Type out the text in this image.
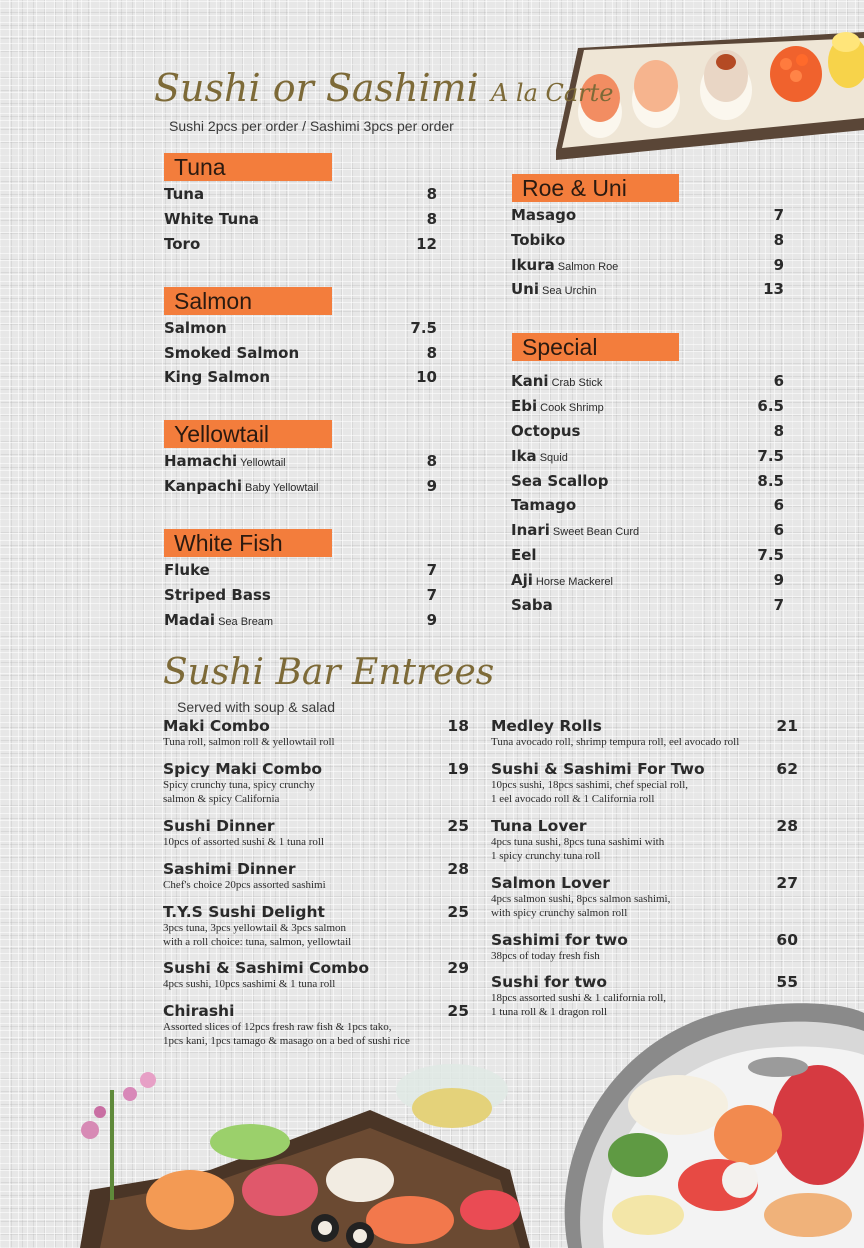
Sushi or Sashimi A la Carte
Sushi 2pcs per order / Sashimi 3pcs per order
Tuna
Tuna	8
White Tuna	8
Toro	12
Salmon
Salmon	7.5
Smoked Salmon	8
King Salmon	10
Yellowtail
Hamachi Yellowtail	8
Kanpachi Baby Yellowtail	9
White Fish
Fluke	7
Striped Bass	7
Madai Sea Bream	9
Roe & Uni
Masago	7
Tobiko	8
Ikura Salmon Roe	9
Uni Sea Urchin	13
Special
Kani Crab Stick	6
Ebi Cook Shrimp	6.5
Octopus	8
Ika Squid	7.5
Sea Scallop	8.5
Tamago	6
Inari Sweet Bean Curd	6
Eel	7.5
Aji Horse Mackerel	9
Saba	7
Sushi Bar Entrees
Served with soup & salad
Maki Combo	18
Tuna roll, salmon roll & yellowtail roll
Spicy Maki Combo	19
Spicy crunchy tuna, spicy crunchy
salmon & spicy California
Sushi Dinner	25
10pcs of assorted sushi & 1 tuna roll
Sashimi Dinner	28
Chef's choice 20pcs assorted sashimi
T.Y.S Sushi Delight	25
3pcs tuna, 3pcs yellowtail & 3pcs salmon
with a roll choice: tuna, salmon, yellowtail
Sushi & Sashimi Combo	29
4pcs sushi, 10pcs sashimi & 1 tuna roll
Chirashi	25
Assorted slices of 12pcs fresh raw fish & 1pcs tako,
1pcs kani, 1pcs tamago & masago on a bed of sushi rice
Medley Rolls	21
Tuna avocado roll, shrimp tempura roll, eel avocado roll
Sushi & Sashimi For Two	62
10pcs sushi, 18pcs sashimi, chef special roll,
1 eel avocado roll & 1 California roll
Tuna Lover	28
4pcs tuna sushi, 8pcs tuna sashimi with
1 spicy crunchy tuna roll
Salmon Lover	27
4pcs salmon sushi, 8pcs salmon sashimi,
with spicy crunchy salmon roll
Sashimi for two	60
38pcs of today fresh fish
Sushi for two	55
18pcs assorted sushi & 1 california roll,
1 tuna roll & 1 dragon roll
